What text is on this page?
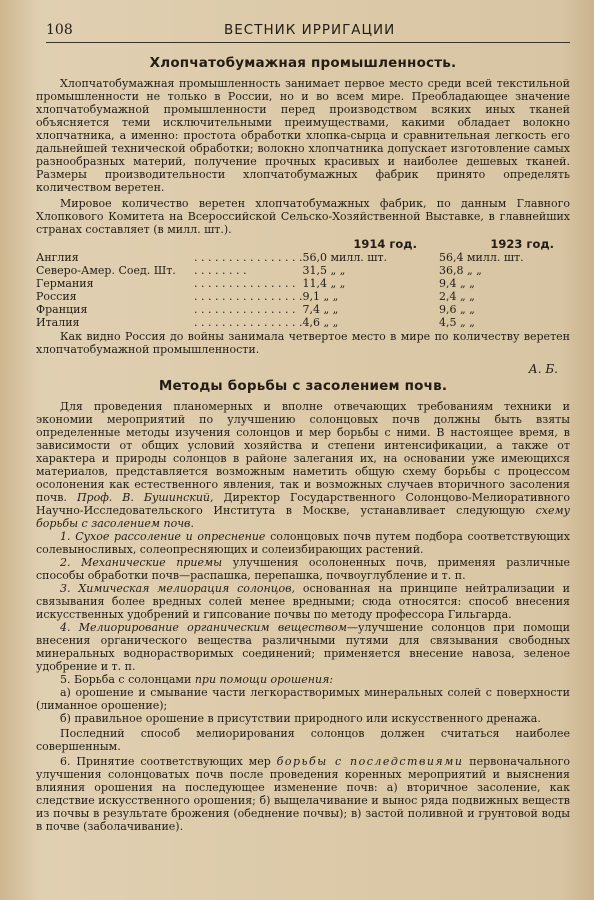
108	ВЕСТНИК ИРРИГАЦИИ
Хлопчатобумажная промышленность.

Хлопчатобумажная промышленность занимает первое место среди всей текстильной промышленности не только в России, но и во всем мире. Преобладающее значение хлопчатобумажной промышленности перед производством всяких иных тканей объясняется теми исключительными преимуществами, какими обладает волокно хлопчатника, а именно: простота обработки хлопка-сырца и сравнительная легкость его дальнейшей технической обработки; волокно хлопчатника допускает изготовление самых разнообразных материй, получение прочных красивых и наиболее дешевых тканей. Размеры производительности хлопчатобумажных фабрик принято определять количеством веретен.

Мировое количество веретен хлопчатобумажных фабрик, по данным Главного Хлопкового Комитета на Всероссийской Сельско-Хозяйственной Выставке, в главнейших странах составляет (в милл. шт.).

		1914 год.	1923 год.
Англия	. . . . . . . . . . . . . . . .	56,0 милл. шт.	56,4 милл. шт.
Северо-Амер. Соед. Шт.	. . . . . . . .	31,5 „ „	36,8 „ „
Германия	. . . . . . . . . . . . . . .	11,4 „ „	9,4 „ „
Россия	. . . . . . . . . . . . . . . .	9,1 „ „	2,4 „ „
Франция	. . . . . . . . . . . . . . .	7,4 „ „	9,6 „ „
Италия	. . . . . . . . . . . . . . . .	4,6 „ „	4,5 „ „

Как видно Россия до войны занимала четвертое место в мире по количеству веретен хлопчатобумажной промышленности.

А. Б.
Методы борьбы с засолением почв.

Для проведения планомерных и вполне отвечающих требованиям техники и экономии мероприятий по улучшению солонцовых почв должны быть взяты определенные методы изучения солонцов и мер борьбы с ними. В настоящее время, в зависимости от общих условий хозяйства и степени интенсификации, а также от характера и природы солонцов в районе залегания их, на основании уже имеющихся материалов, представляется возможным наметить общую схему борьбы с процессом осолонения как естественного явления, так и возможных случаев вторичного засоления почв. Проф. В. Бушинский, Директор Государственного Солонцово-Мелиоративного Научно-Исследовательского Института в Москве, устанавливает следующую схему борьбы с засолением почв.

1. Сухое рассоление и опреснение солонцовых почв путем подбора соответствующих солевыносливых, солеопресняющих и солеизбирающих растений.

2. Механические приемы улучшения осолоненных почв, применяя различные способы обработки почв—распашка, перепашка, почвоуглубление и т. п.

3. Химическая мелиорация солонцов, основанная на принципе нейтрализации и связывания более вредных солей менее вредными; сюда относятся: способ внесения искусственных удобрений и гипсование почвы по методу профессора Гильгарда.

4. Мелиорирование органическим веществом—улучшение солонцов при помощи внесения органического вещества различными путями для связывания свободных минеральных воднорастворимых соединений; применяется внесение навоза, зеленое удобрение и т. п.

5. Борьба с солонцами при помощи орошения:

а) орошение и смывание части легкорастворимых минеральных солей с поверхности (лиманное орошение);

б) правильное орошение в присутствии природного или искусственного дренажа.

Последний способ мелиорирования солонцов должен считаться наиболее совершенным.

6. Принятие соответствующих мер борьбы с последствиями первоначального улучшения солонцоватых почв после проведения коренных мероприятий и выяснения влияния орошения на последующее изменение почв: а) вторичное засоление, как следствие искусственного орошения; б) выщелачивание и вынос ряда подвижных веществ из почвы в результате брожения (обеднение почвы); в) застой поливной и грунтовой воды в почве (заболачивание).
